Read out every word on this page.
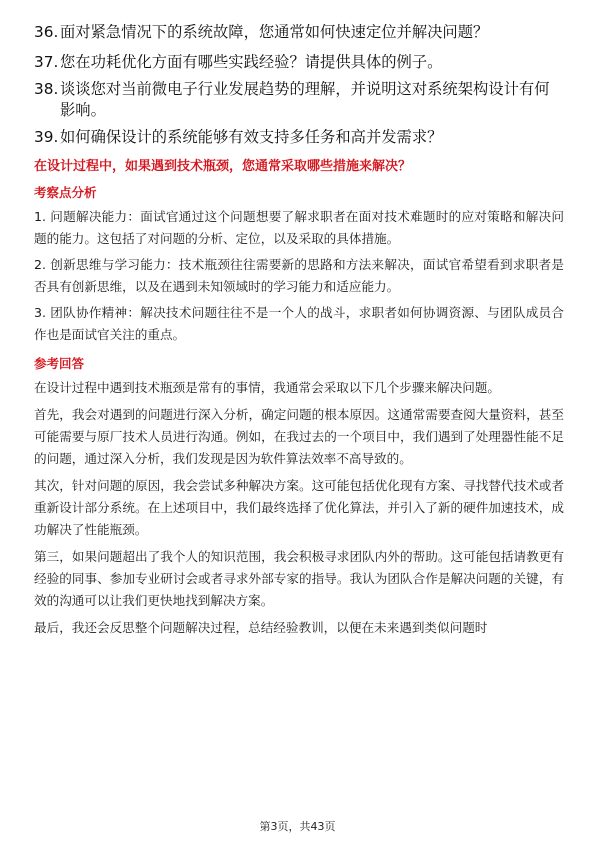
36. 面对紧急情况下的系统故障，您通常如何快速定位并解决问题？
37. 您在功耗优化方面有哪些实践经验？请提供具体的例子。
38. 谈谈您对当前微电子行业发展趋势的理解，并说明这对系统架构设计有何影响。
39. 如何确保设计的系统能够有效支持多任务和高并发需求？
在设计过程中，如果遇到技术瓶颈，您通常采取哪些措施来解决？
考察点分析

1. 问题解决能力：面试官通过这个问题想要了解求职者在面对技术难题时的应对策略和解决问题的能力。这包括了对问题的分析、定位，以及采取的具体措施。

2. 创新思维与学习能力：技术瓶颈往往需要新的思路和方法来解决，面试官希望看到求职者是否具有创新思维，以及在遇到未知领域时的学习能力和适应能力。

3. 团队协作精神：解决技术问题往往不是一个人的战斗，求职者如何协调资源、与团队成员合作也是面试官关注的重点。

参考回答

在设计过程中遇到技术瓶颈是常有的事情，我通常会采取以下几个步骤来解决问题。

首先，我会对遇到的问题进行深入分析，确定问题的根本原因。这通常需要查阅大量资料，甚至可能需要与原厂技术人员进行沟通。例如，在我过去的一个项目中，我们遇到了处理器性能不足的问题，通过深入分析，我们发现是因为软件算法效率不高导致的。

其次，针对问题的原因，我会尝试多种解决方案。这可能包括优化现有方案、寻找替代技术或者重新设计部分系统。在上述项目中，我们最终选择了优化算法，并引入了新的硬件加速技术，成功解决了性能瓶颈。

第三，如果问题超出了我个人的知识范围，我会积极寻求团队内外的帮助。这可能包括请教更有经验的同事、参加专业研讨会或者寻求外部专家的指导。我认为团队合作是解决问题的关键，有效的沟通可以让我们更快地找到解决方案。

最后，我还会反思整个问题解决过程，总结经验教训，以便在未来遇到类似问题时

第3页，共43页
